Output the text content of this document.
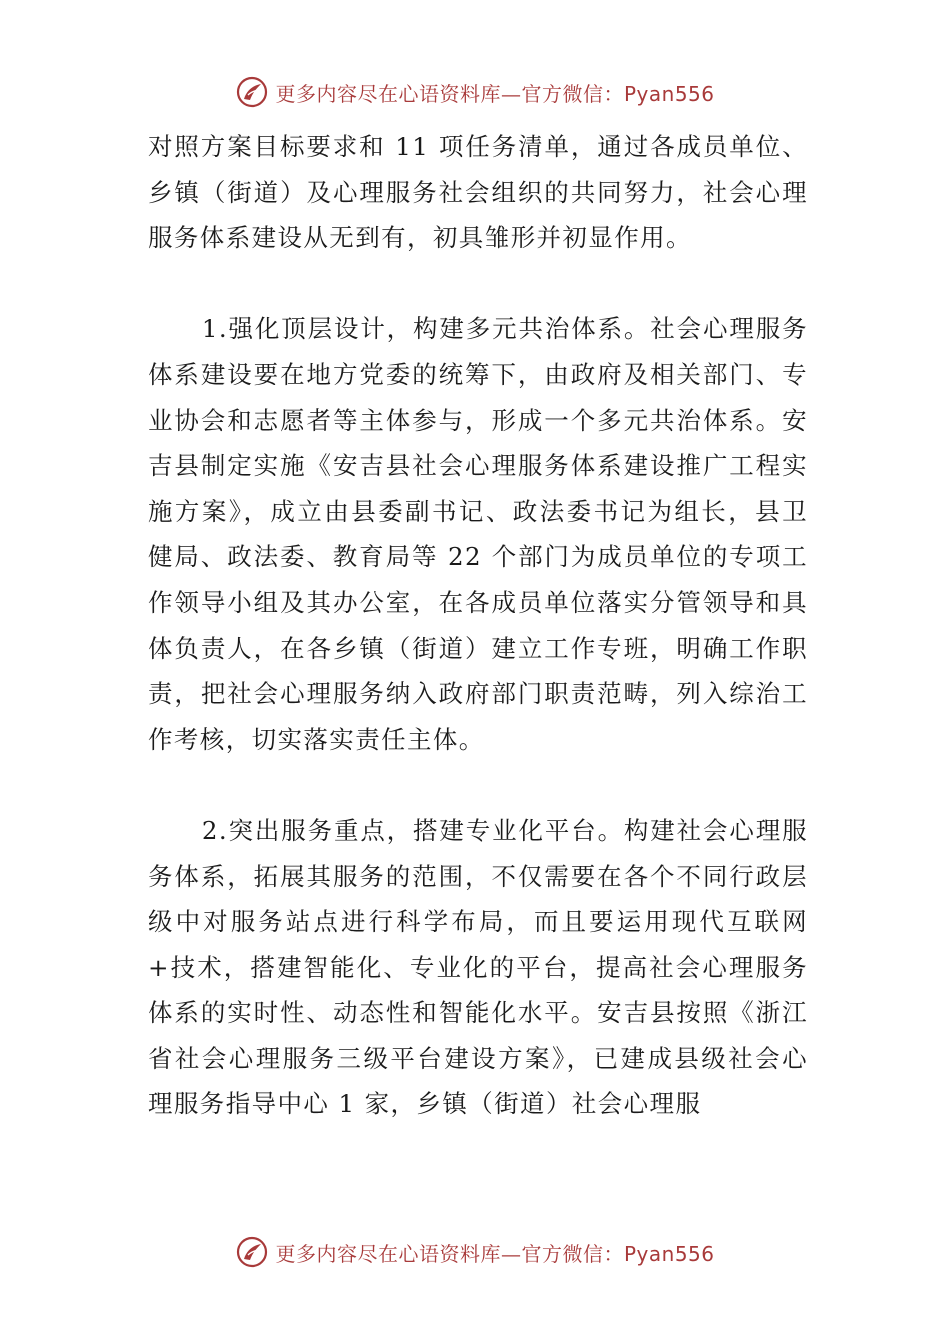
更多内容尽在心语资料库—官方微信：Pyan556

对照方案目标要求和 11 项任务清单，通过各成员单位、乡镇（街道）及心理服务社会组织的共同努力，社会心理服务体系建设从无到有，初具雏形并初显作用。

1.强化顶层设计，构建多元共治体系。社会心理服务体系建设要在地方党委的统筹下，由政府及相关部门、专业协会和志愿者等主体参与，形成一个多元共治体系。安吉县制定实施《安吉县社会心理服务体系建设推广工程实施方案》，成立由县委副书记、政法委书记为组长，县卫健局、政法委、教育局等 22 个部门为成员单位的专项工作领导小组及其办公室，在各成员单位落实分管领导和具体负责人，在各乡镇（街道）建立工作专班，明确工作职责，把社会心理服务纳入政府部门职责范畴，列入综治工作考核，切实落实责任主体。

2.突出服务重点，搭建专业化平台。构建社会心理服务体系，拓展其服务的范围，不仅需要在各个不同行政层级中对服务站点进行科学布局，而且要运用现代互联网+技术，搭建智能化、专业化的平台，提高社会心理服务体系的实时性、动态性和智能化水平。安吉县按照《浙江省社会心理服务三级平台建设方案》，已建成县级社会心理服务指导中心 1 家，乡镇（街道）社会心理服

更多内容尽在心语资料库—官方微信：Pyan556
